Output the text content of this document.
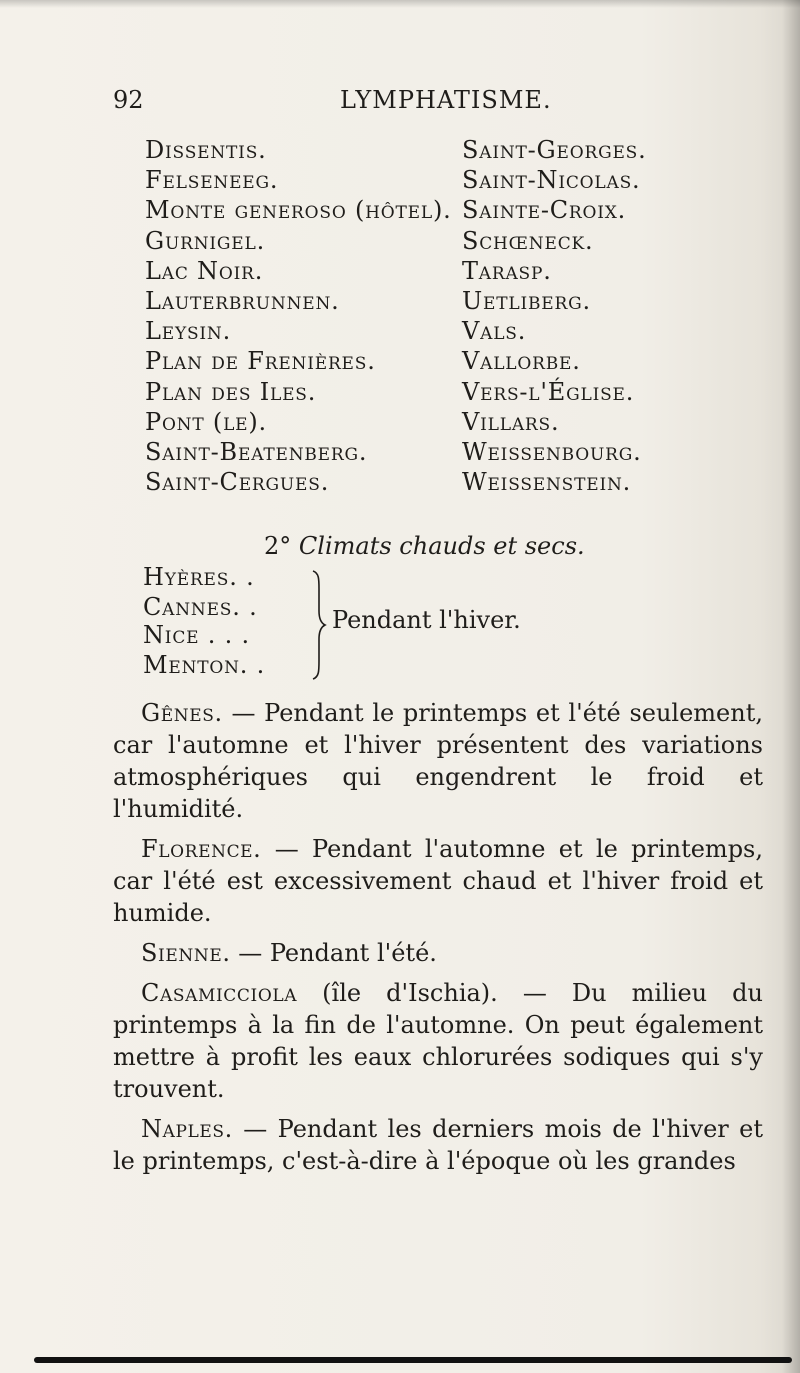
92	LYMPHATISME.
Dissentis.
Felseneeg.
Monte generoso (hôtel).
Gurnigel.
Lac Noir.
Lauterbrunnen.
Leysin.
Plan de Frenières.
Plan des Iles.
Pont (le).
Saint-Beatenberg.
Saint-Cergues.
Saint-Georges.
Saint-Nicolas.
Sainte-Croix.
Schœneck.
Tarasp.
Uetliberg.
Vals.
Vallorbe.
Vers-l'Église.
Villars.
Weissenbourg.
Weissenstein.
2° Climats chauds et secs.
Hyères. .
Cannes. .
Nice . . .
Menton. .
Pendant l'hiver.

Gênes. — Pendant le printemps et l'été seulement, car l'automne et l'hiver présentent des variations atmosphériques qui engendrent le froid et l'humidité.

Florence. — Pendant l'automne et le printemps, car l'été est excessivement chaud et l'hiver froid et humide.

Sienne. — Pendant l'été.

Casamicciola (île d'Ischia). — Du milieu du printemps à la fin de l'automne. On peut également mettre à profit les eaux chlorurées sodiques qui s'y trouvent.

Naples. — Pendant les derniers mois de l'hiver et le printemps, c'est-à-dire à l'époque où les grandes
